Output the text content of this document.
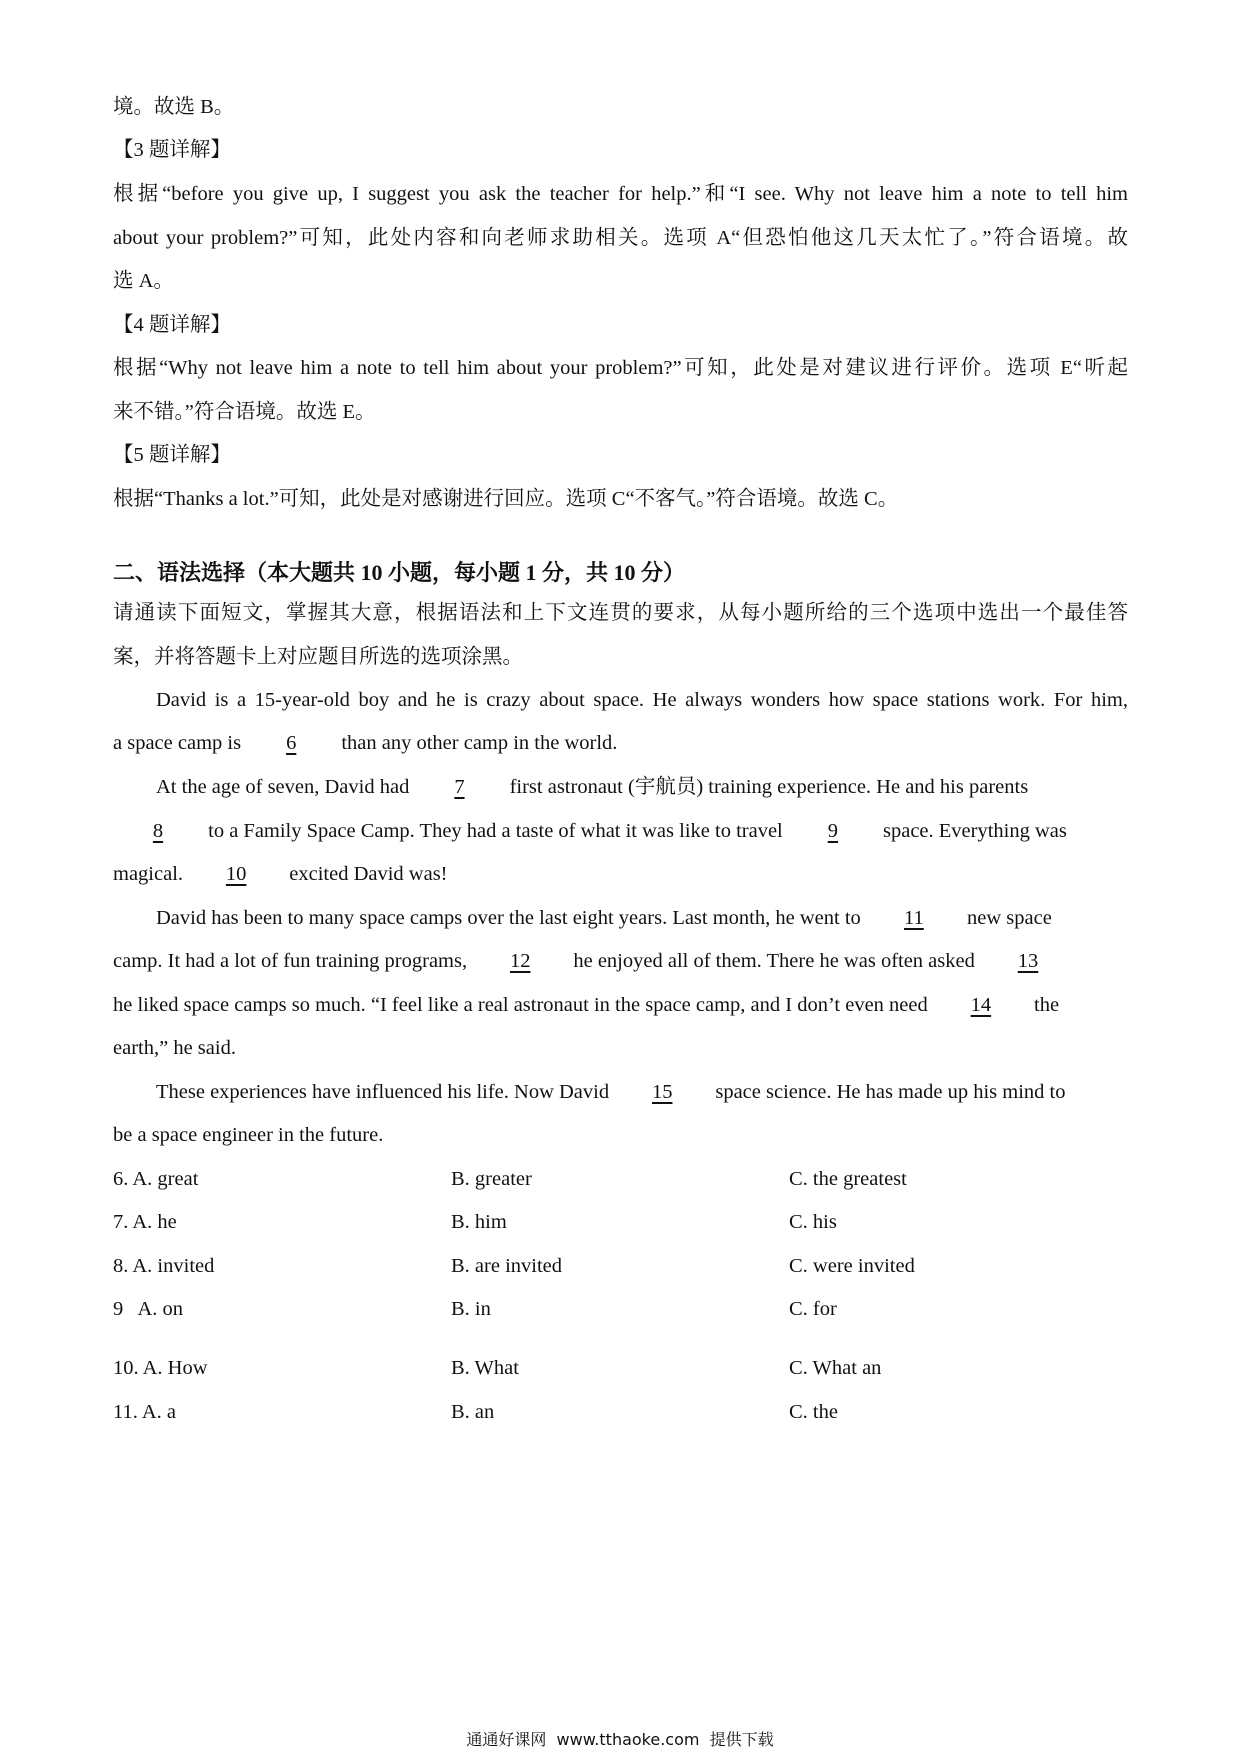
境。故选 B。
【3 题详解】
根据“before you give up, I suggest you ask the teacher for help.”和“I see. Why not leave him a note to tell him
about your problem?”可知，此处内容和向老师求助相关。选项 A“但恐怕他这几天太忙了。”符合语境。故
选 A。
【4 题详解】
根据“Why not leave him a note to tell him about your problem?”可知，此处是对建议进行评价。选项 E“听起
来不错。”符合语境。故选 E。
【5 题详解】
根据“Thanks a lot.”可知，此处是对感谢进行回应。选项 C“不客气。”符合语境。故选 C。
二、语法选择（本大题共 10 小题，每小题 1 分，共 10 分）
请通读下面短文，掌握其大意，根据语法和上下文连贯的要求，从每小题所给的三个选项中选出一个最佳答
案，并将答题卡上对应题目所选的选项涂黑。
David is a 15-year-old boy and he is crazy about space. He always wonders how space stations work. For him,
a space camp is 6 than any other camp in the world.
At the age of seven, David had 7 first astronaut (宇航员) training experience. He and his parents
8 to a Family Space Camp. They had a taste of what it was like to travel 9 space. Everything was
magical. 10 excited David was!
David has been to many space camps over the last eight years. Last month, he went to 11 new space
camp. It had a lot of fun training programs, 12 he enjoyed all of them. There he was often asked 13
he liked space camps so much. “I feel like a real astronaut in the space camp, and I don’t even need 14 the
earth,” he said.
These experiences have influenced his life. Now David 15 space science. He has made up his mind to
be a space engineer in the future.
6. A. great	B. greater	C. the greatest
7. A. he	B. him	C. his
8. A. invited	B. are invited	C. were invited
9   A. on	B. in	C. for
10. A. How	B. What	C. What an
11. A. a	B. an	C. the
通通好课网  www.tthaoke.com  提供下载
